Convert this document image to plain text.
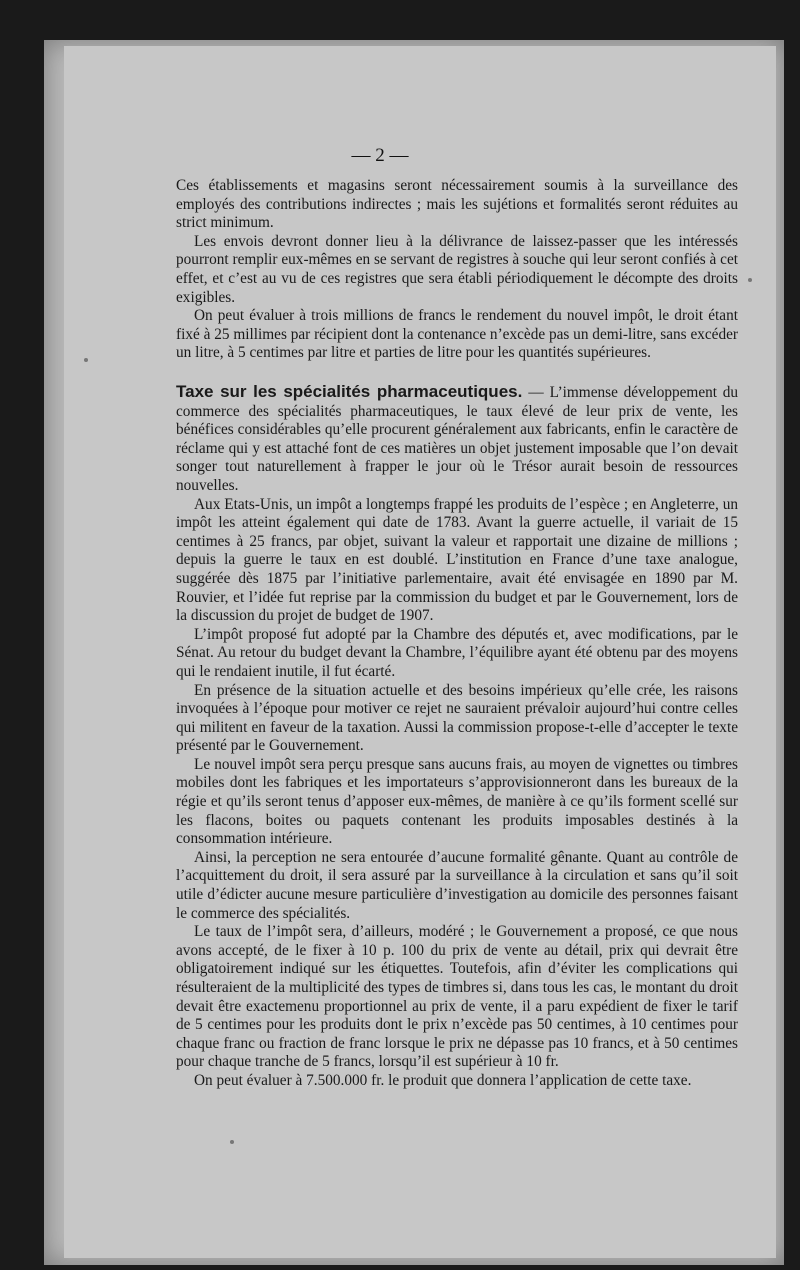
— 2 —

Ces établissements et magasins seront nécessairement soumis à la surveillance des employés des contributions indirectes ; mais les sujétions et formalités seront réduites au strict minimum.

Les envois devront donner lieu à la délivrance de laissez-passer que les intéressés pourront remplir eux-mêmes en se servant de registres à souche qui leur seront confiés à cet effet, et c’est au vu de ces registres que sera établi périodiquement le décompte des droits exigibles.

On peut évaluer à trois millions de francs le rendement du nouvel impôt, le droit étant fixé à 25 millimes par récipient dont la contenance n’excède pas un demi-litre, sans excéder un litre, à 5 centimes par litre et parties de litre pour les quantités supérieures.

Taxe sur les spécialités pharmaceutiques. — L’immense développement du commerce des spécialités pharmaceutiques, le taux élevé de leur prix de vente, les bénéfices considérables qu’elle procurent généralement aux fabricants, enfin le caractère de réclame qui y est attaché font de ces matières un objet justement imposable que l’on devait songer tout naturellement à frapper le jour où le Trésor aurait besoin de ressources nouvelles.

Aux Etats-Unis, un impôt a longtemps frappé les produits de l’espèce ; en Angleterre, un impôt les atteint également qui date de 1783. Avant la guerre actuelle, il variait de 15 centimes à 25 francs, par objet, suivant la valeur et rapportait une dizaine de millions ; depuis la guerre le taux en est doublé. L’institution en France d’une taxe analogue, suggérée dès 1875 par l’initiative parlementaire, avait été envisagée en 1890 par M. Rouvier, et l’idée fut reprise par la commission du budget et par le Gouvernement, lors de la discussion du projet de budget de 1907.

L’impôt proposé fut adopté par la Chambre des députés et, avec modifications, par le Sénat. Au retour du budget devant la Chambre, l’équilibre ayant été obtenu par des moyens qui le rendaient inutile, il fut écarté.

En présence de la situation actuelle et des besoins impérieux qu’elle crée, les raisons invoquées à l’époque pour motiver ce rejet ne sauraient prévaloir aujourd’hui contre celles qui militent en faveur de la taxation. Aussi la commission propose-t-elle d’accepter le texte présenté par le Gouvernement.

Le nouvel impôt sera perçu presque sans aucuns frais, au moyen de vignettes ou timbres mobiles dont les fabriques et les importateurs s’approvisionneront dans les bureaux de la régie et qu’ils seront tenus d’apposer eux-mêmes, de manière à ce qu’ils forment scellé sur les flacons, boites ou paquets contenant les produits imposables destinés à la consommation intérieure.

Ainsi, la perception ne sera entourée d’aucune formalité gênante. Quant au contrôle de l’acquittement du droit, il sera assuré par la surveillance à la circulation et sans qu’il soit utile d’édicter aucune mesure particulière d’investigation au domicile des personnes faisant le commerce des spécialités.

Le taux de l’impôt sera, d’ailleurs, modéré ; le Gouvernement a proposé, ce que nous avons accepté, de le fixer à 10 p. 100 du prix de vente au détail, prix qui devrait être obligatoirement indiqué sur les étiquettes. Toutefois, afin d’éviter les complications qui résulteraient de la multiplicité des types de timbres si, dans tous les cas, le montant du droit devait être exactemenu proportionnel au prix de vente, il a paru expédient de fixer le tarif de 5 centimes pour les produits dont le prix n’excède pas 50 centimes, à 10 centimes pour chaque franc ou fraction de franc lorsque le prix ne dépasse pas 10 francs, et à 50 centimes pour chaque tranche de 5 francs, lorsqu’il est supérieur à 10 fr.

On peut évaluer à 7.500.000 fr. le produit que donnera l’application de cette taxe.
